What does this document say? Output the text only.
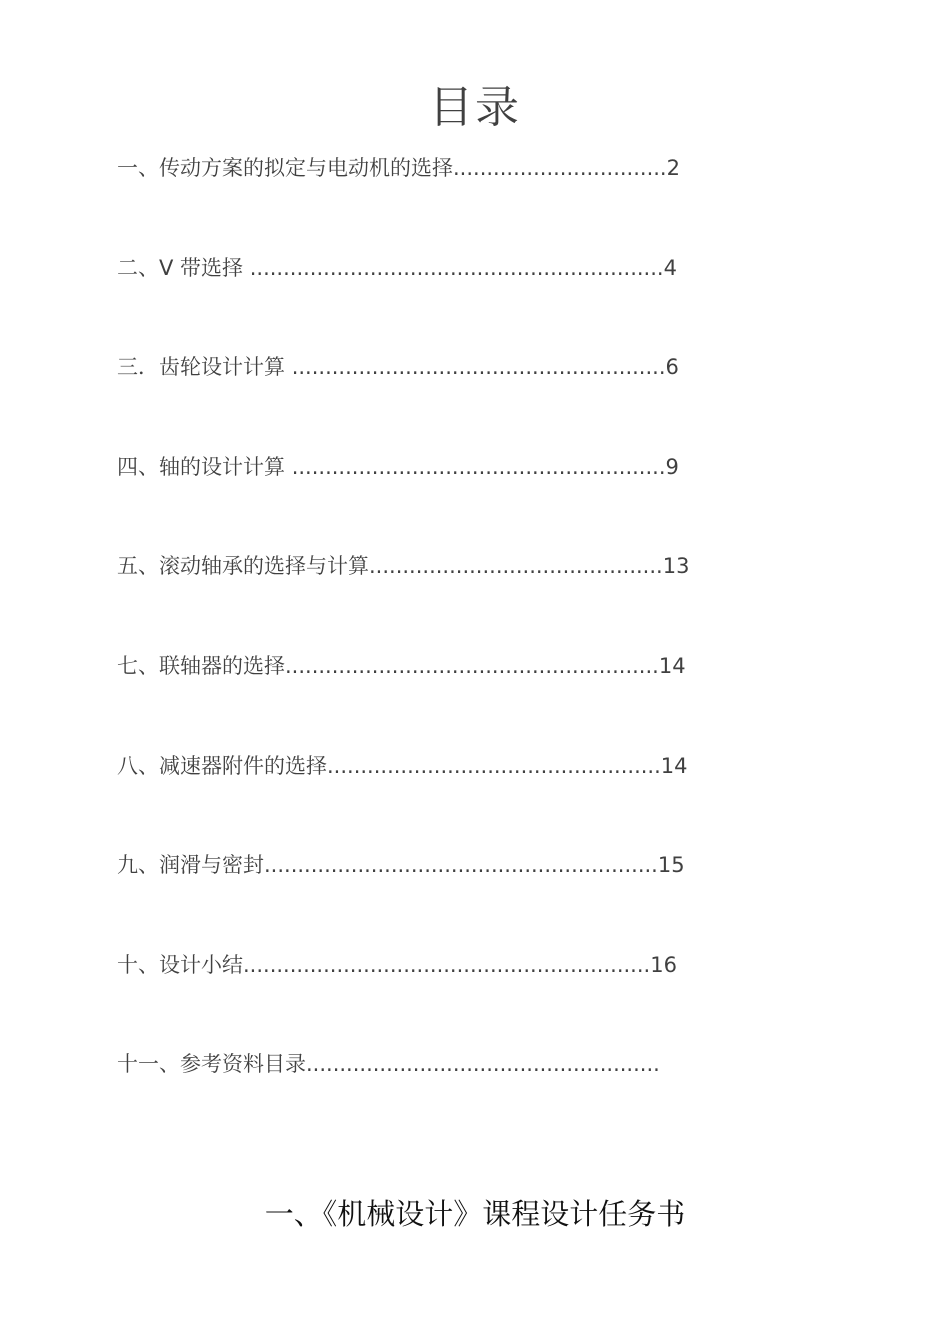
目录
一、传动方案的拟定与电动机的选择................................2
二、V 带选择 ..............................................................4
三．齿轮设计计算 ........................................................6
四、轴的设计计算 ........................................................9
五、滚动轴承的选择与计算............................................13
七、联轴器的选择........................................................14
八、减速器附件的选择..................................................14
九、润滑与密封...........................................................15
十、设计小结.............................................................16
十一、参考资料目录.....................................................
一、《机械设计》课程设计任务书
